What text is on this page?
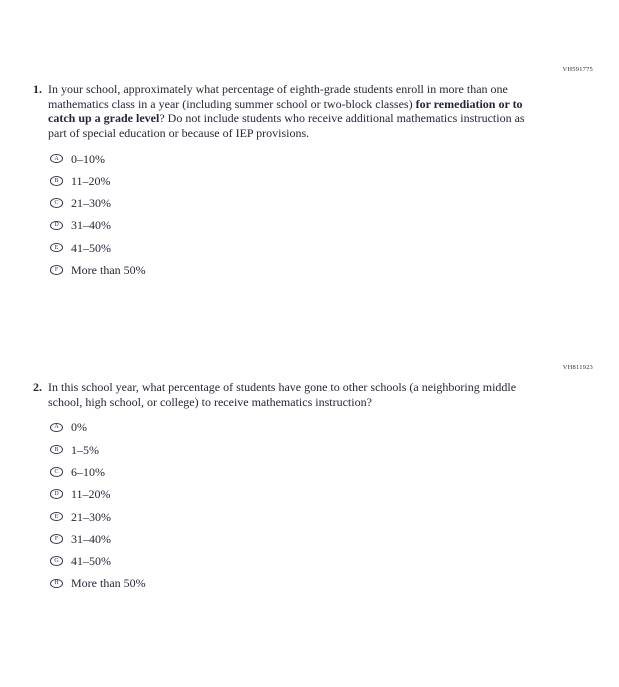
VH591775
1. In your school, approximately what percentage of eighth-grade students enroll in more than one mathematics class in a year (including summer school or two-block classes) for remediation or to catch up a grade level? Do not include students who receive additional mathematics instruction as part of special education or because of IEP provisions.
A	0–10%
B	11–20%
C	21–30%
D	31–40%
E	41–50%
F	More than 50%
VH811923
2. In this school year, what percentage of students have gone to other schools (a neighboring middle school, high school, or college) to receive mathematics instruction?
A	0%
B	1–5%
C	6–10%
D	11–20%
E	21–30%
F	31–40%
G	41–50%
H	More than 50%
